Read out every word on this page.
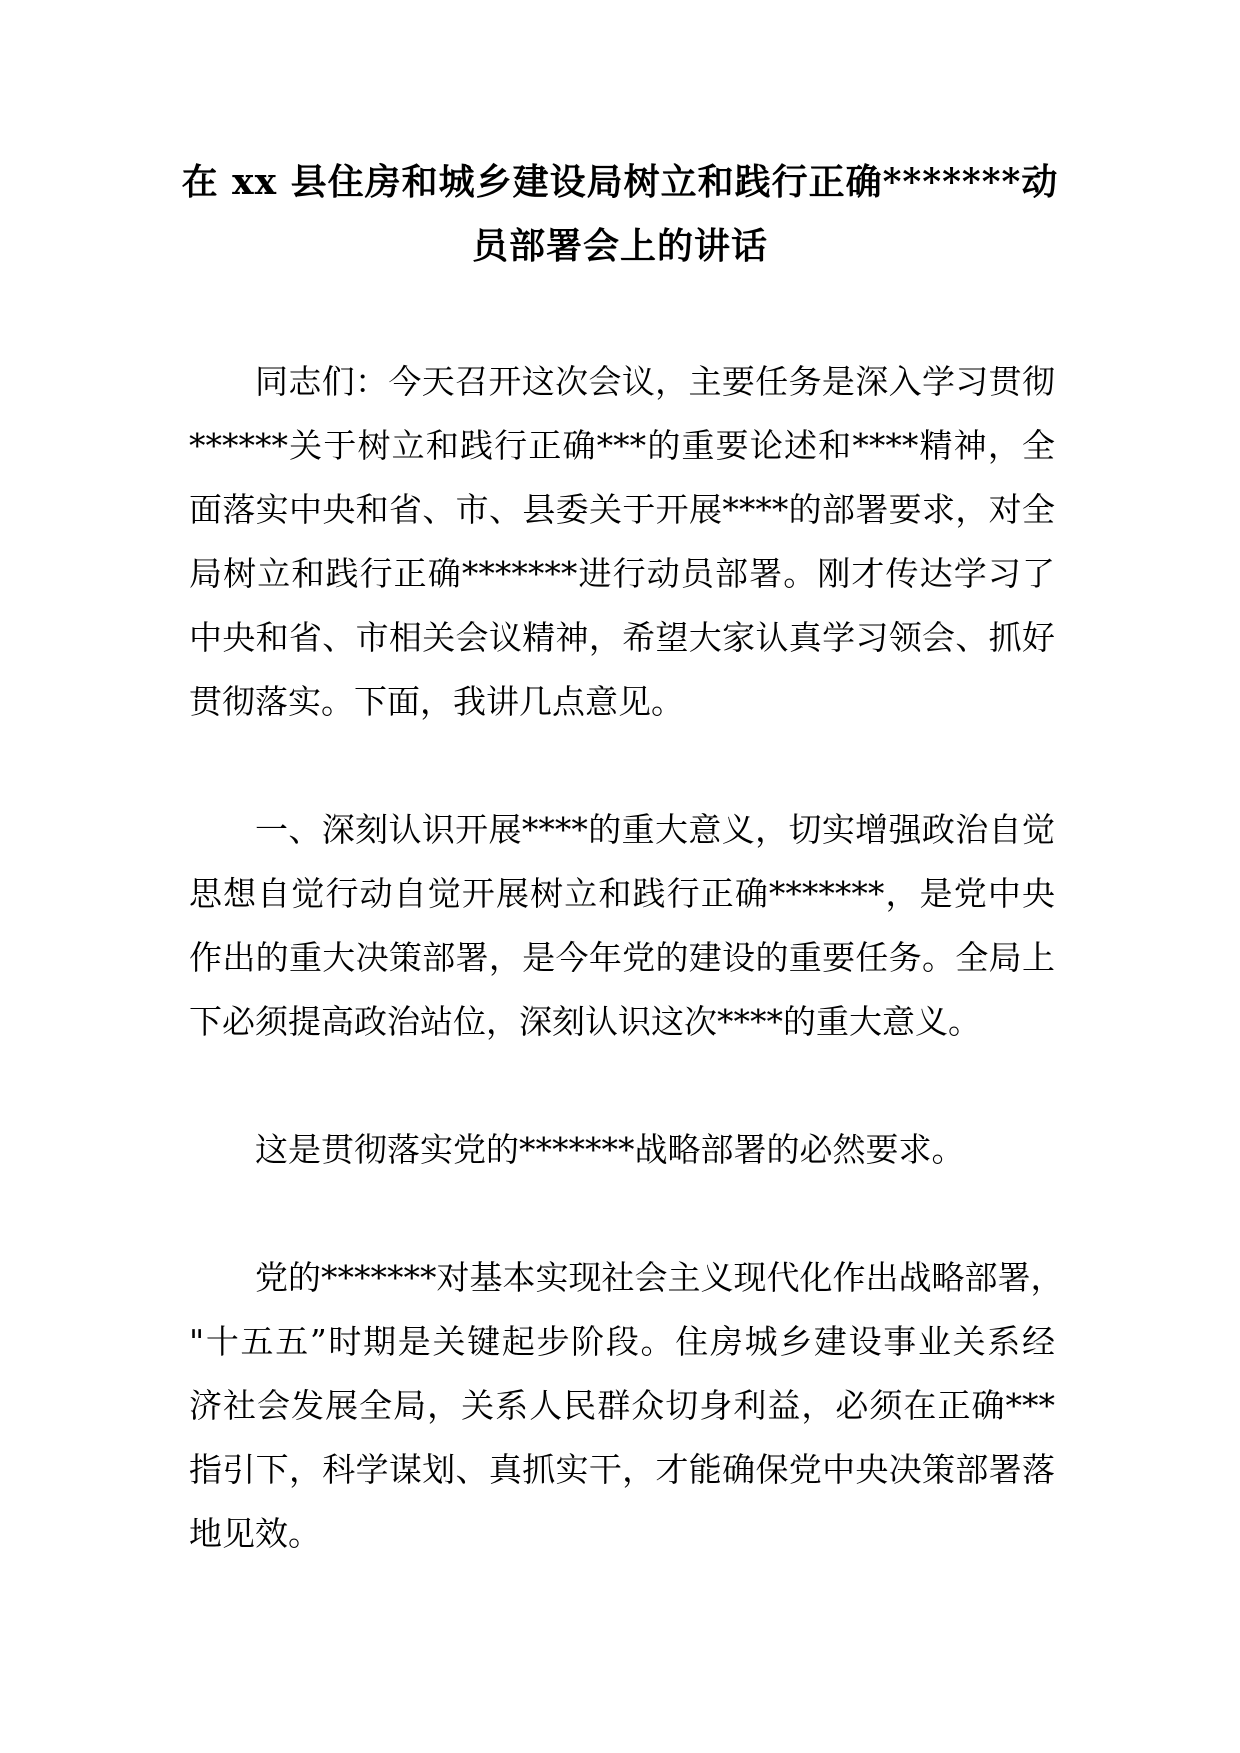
在 xx 县住房和城乡建设局树立和践行正确*******动
员部署会上的讲话
同志们：今天召开这次会议，主要任务是深入学习贯彻
******关于树立和践行正确***的重要论述和****精神，全
面落实中央和省、市、县委关于开展****的部署要求，对全
局树立和践行正确*******进行动员部署。刚才传达学习了
中央和省、市相关会议精神，希望大家认真学习领会、抓好
贯彻落实。下面，我讲几点意见。
一、深刻认识开展****的重大意义，切实增强政治自觉
思想自觉行动自觉开展树立和践行正确*******，是党中央
作出的重大决策部署，是今年党的建设的重要任务。全局上
下必须提高政治站位，深刻认识这次****的重大意义。
这是贯彻落实党的*******战略部署的必然要求。
党的*******对基本实现社会主义现代化作出战略部署，
"十五五”时期是关键起步阶段。住房城乡建设事业关系经
济社会发展全局，关系人民群众切身利益，必须在正确***
指引下，科学谋划、真抓实干，才能确保党中央决策部署落
地见效。
